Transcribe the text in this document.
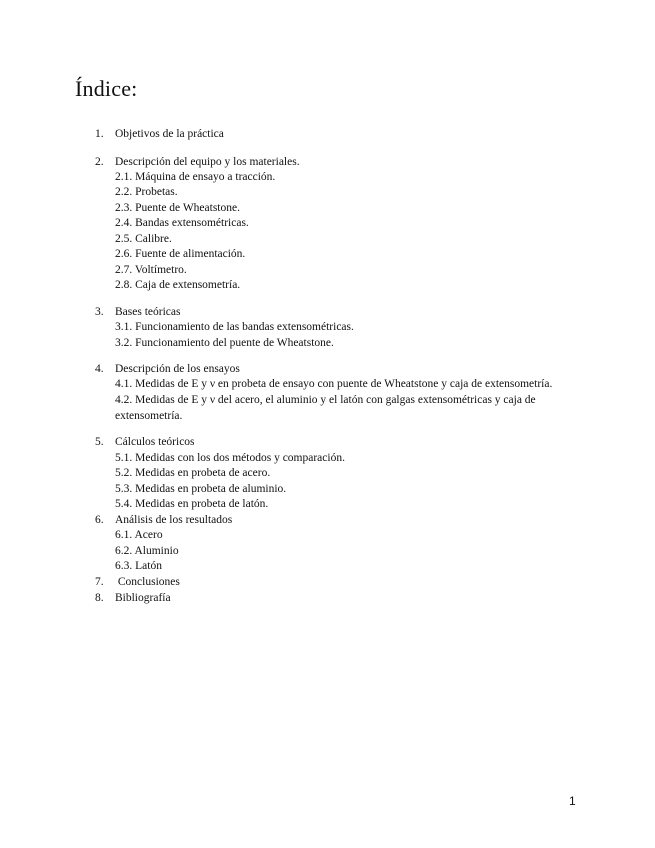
Índice:
1. Objetivos de la práctica
2. Descripción del equipo y los materiales.
2.1. Máquina de ensayo a tracción.
2.2. Probetas.
2.3. Puente de Wheatstone.
2.4. Bandas extensométricas.
2.5. Calibre.
2.6. Fuente de alimentación.
2.7. Voltímetro.
2.8. Caja de extensometría.
3. Bases teóricas
3.1. Funcionamiento de las bandas extensométricas.
3.2. Funcionamiento del puente de Wheatstone.
4. Descripción de los ensayos
4.1. Medidas de E y ν en probeta de ensayo con puente de Wheatstone y caja de extensometría.
4.2. Medidas de E y ν del acero, el aluminio y el latón con galgas extensométricas y caja de
extensometría.
5. Cálculos teóricos
5.1. Medidas con los dos métodos y comparación.
5.2. Medidas en probeta de acero.
5.3. Medidas en probeta de aluminio.
5.4. Medidas en probeta de latón.
6. Análisis de los resultados
6.1. Acero
6.2. Aluminio
6.3. Latón
7. Conclusiones
8. Bibliografía
1
